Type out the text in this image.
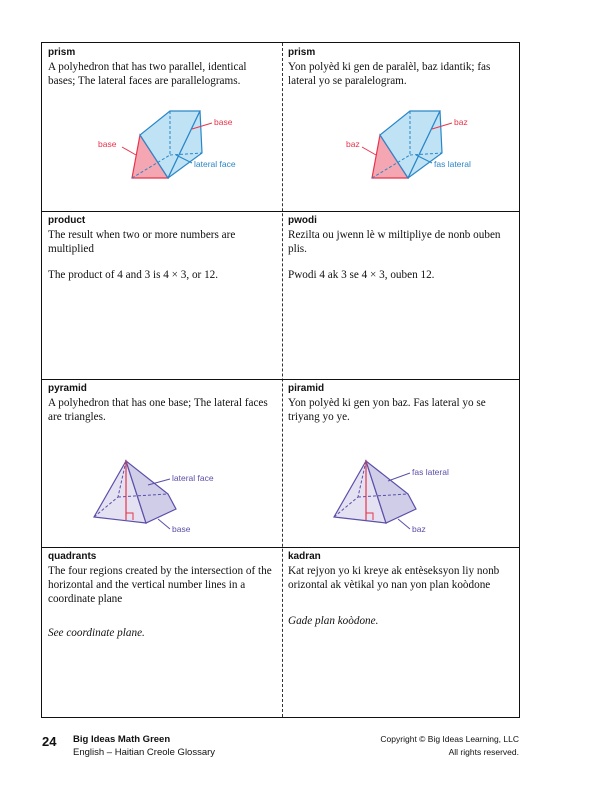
prism
A polyhedron that has two parallel, identical bases; The lateral faces are parallelograms.
base
base
lateral face
prism
Yon polyèd ki gen de paralèl, baz idantik; fas lateral yo se paralelogram.
baz
baz
fas lateral
product
The result when two or more numbers are multiplied
The product of 4 and 3 is 4 × 3, or 12.
pwodi
Rezilta ou jwenn lè w miltipliye de nonb ouben plis.
Pwodi 4 ak 3 se 4 × 3, ouben 12.
pyramid
A polyhedron that has one base; The lateral faces are triangles.
lateral face
base
piramid
Yon polyèd ki gen yon baz. Fas lateral yo se triyang yo ye.
fas lateral
baz
quadrants
The four regions created by the intersection of the horizontal and the vertical number lines in a coordinate plane
See coordinate plane.
kadran
Kat rejyon yo ki kreye ak entèseksyon liy nonb orizontal ak vètikal yo nan yon plan koòdone
Gade plan koòdone.
24 Big Ideas Math Green
English – Haitian Creole Glossary
Copyright © Big Ideas Learning, LLC
All rights reserved.
